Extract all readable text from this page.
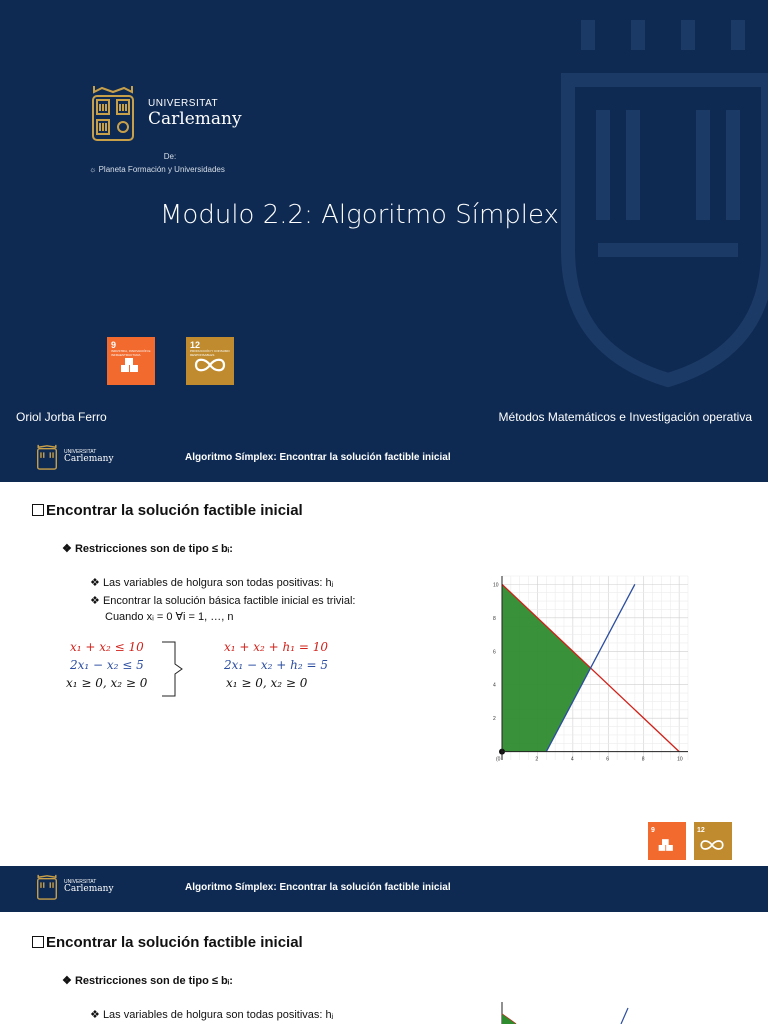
UNIVERSITAT
Carlemany
De:
☼ Planeta Formación y Universidades
Modulo 2.2: Algoritmo Símplex
9
INDUSTRIA, INNOVACIÓN E INFRAESTRUCTURA
12
PRODUCCIÓN Y CONSUMO RESPONSABLES
Oriol Jorba Ferro	Métodos Matemáticos e Investigación operativa
UNIVERSITAT
Carlemany	Algoritmo Símplex: Encontrar la solución factible inicial
Encontrar la solución factible inicial
❖ Restricciones son de tipo ≤ bᵢ:
❖ Las variables de holgura son todas positivas: hⱼ
❖ Encontrar la solución básica factible inicial es trivial:
Cuando xᵢ = 0 ∀i = 1, …, n
x₁ + x₂ ≤ 10
2x₁ − x₂ ≤ 5
x₁ ≥ 0, x₂ ≥ 0
x₁ + x₂ + h₁ = 10
2x₁ − x₂ + h₂ = 5
x₁ ≥ 0, x₂ ≥ 0
(0	2	4	6	8	10
2
4
6
8
10
9	12
UNIVERSITAT
Carlemany	Algoritmo Símplex: Encontrar la solución factible inicial
Encontrar la solución factible inicial
❖ Restricciones son de tipo ≤ bᵢ:
❖ Las variables de holgura son todas positivas: hⱼ
